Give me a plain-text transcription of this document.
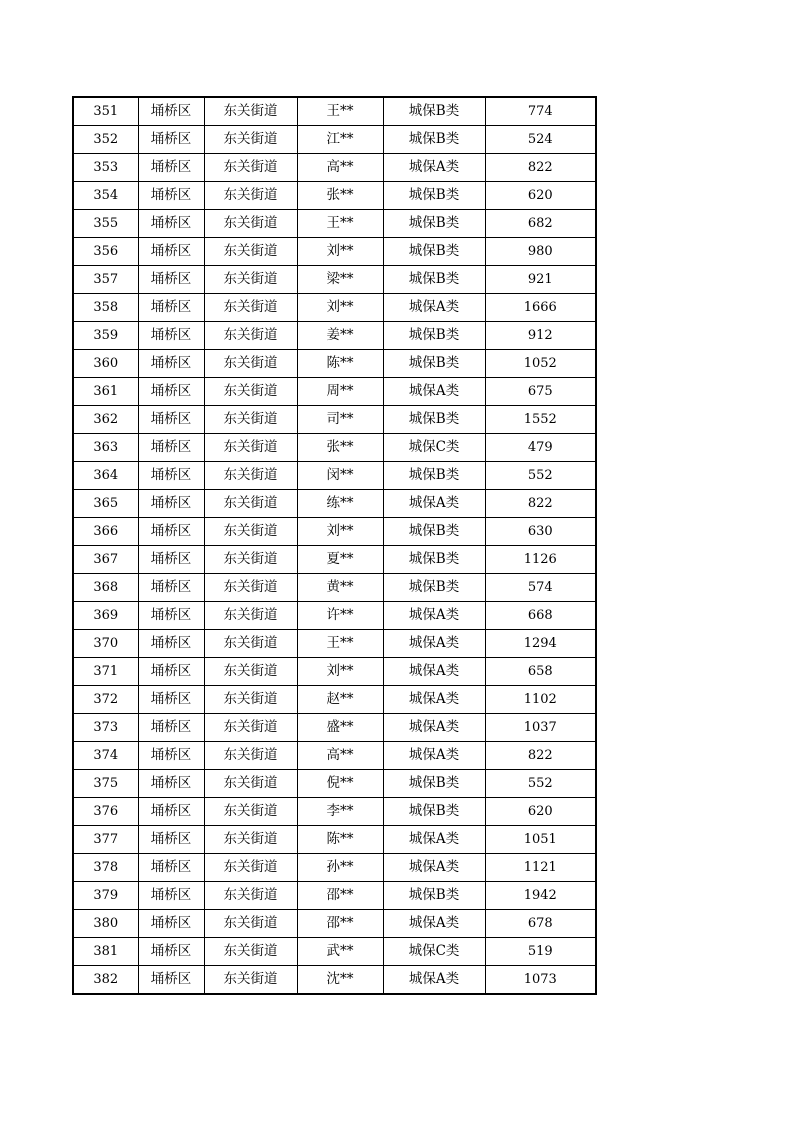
351	埇桥区	东关街道	王**	城保B类	774
352	埇桥区	东关街道	江**	城保B类	524
353	埇桥区	东关街道	高**	城保A类	822
354	埇桥区	东关街道	张**	城保B类	620
355	埇桥区	东关街道	王**	城保B类	682
356	埇桥区	东关街道	刘**	城保B类	980
357	埇桥区	东关街道	梁**	城保B类	921
358	埇桥区	东关街道	刘**	城保A类	1666
359	埇桥区	东关街道	姜**	城保B类	912
360	埇桥区	东关街道	陈**	城保B类	1052
361	埇桥区	东关街道	周**	城保A类	675
362	埇桥区	东关街道	司**	城保B类	1552
363	埇桥区	东关街道	张**	城保C类	479
364	埇桥区	东关街道	闵**	城保B类	552
365	埇桥区	东关街道	练**	城保A类	822
366	埇桥区	东关街道	刘**	城保B类	630
367	埇桥区	东关街道	夏**	城保B类	1126
368	埇桥区	东关街道	黄**	城保B类	574
369	埇桥区	东关街道	许**	城保A类	668
370	埇桥区	东关街道	王**	城保A类	1294
371	埇桥区	东关街道	刘**	城保A类	658
372	埇桥区	东关街道	赵**	城保A类	1102
373	埇桥区	东关街道	盛**	城保A类	1037
374	埇桥区	东关街道	高**	城保A类	822
375	埇桥区	东关街道	倪**	城保B类	552
376	埇桥区	东关街道	李**	城保B类	620
377	埇桥区	东关街道	陈**	城保A类	1051
378	埇桥区	东关街道	孙**	城保A类	1121
379	埇桥区	东关街道	邵**	城保B类	1942
380	埇桥区	东关街道	邵**	城保A类	678
381	埇桥区	东关街道	武**	城保C类	519
382	埇桥区	东关街道	沈**	城保A类	1073
